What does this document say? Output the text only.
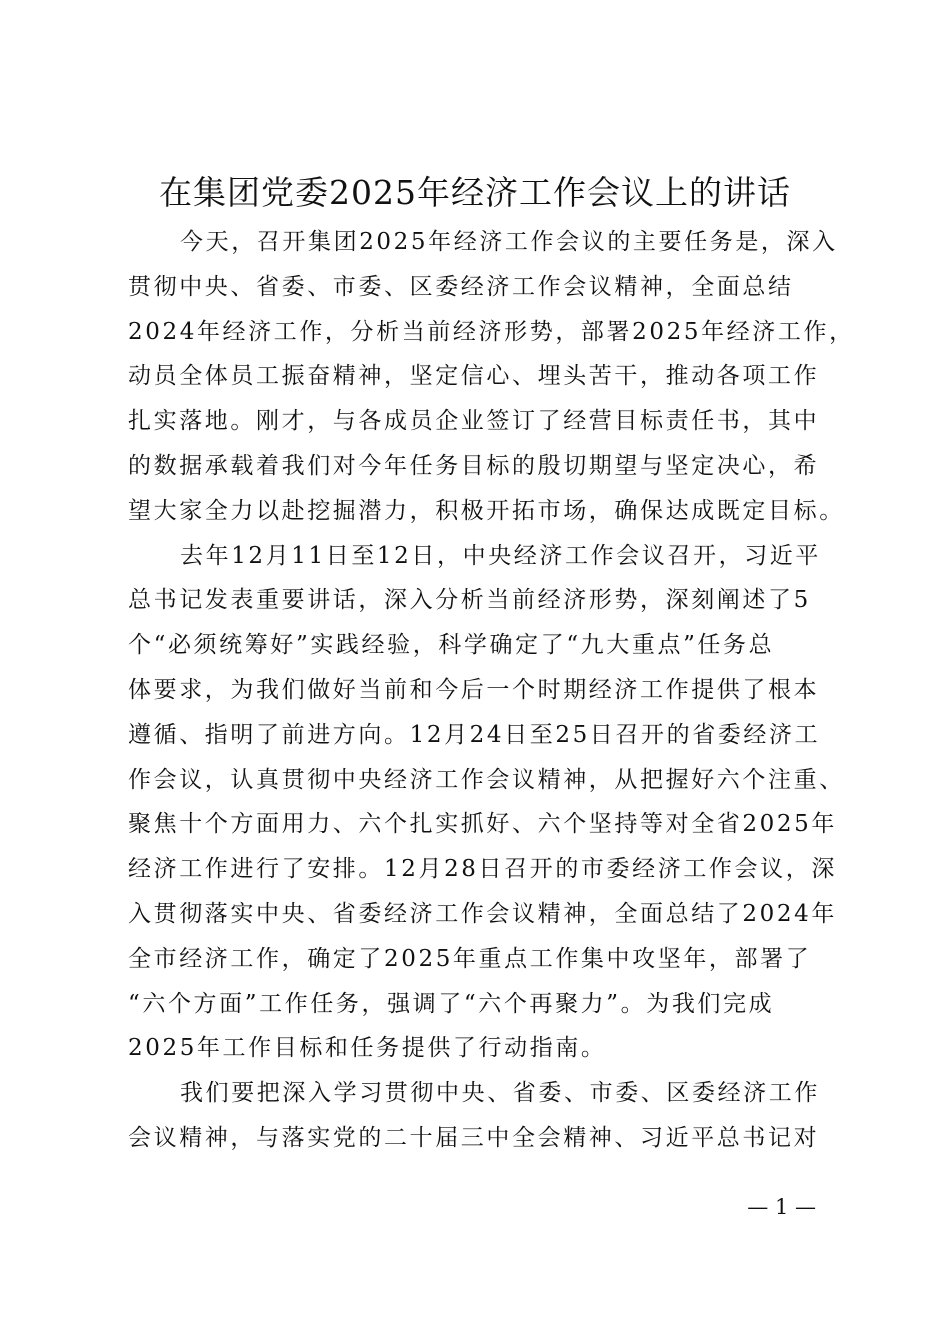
在集团党委2025年经济工作会议上的讲话
今天，召开集团2025年经济工作会议的主要任务是，深入
贯彻中央、省委、市委、区委经济工作会议精神，全面总结
2024年经济工作，分析当前经济形势，部署2025年经济工作，
动员全体员工振奋精神，坚定信心、埋头苦干，推动各项工作
扎实落地。刚才，与各成员企业签订了经营目标责任书，其中
的数据承载着我们对今年任务目标的殷切期望与坚定决心，希
望大家全力以赴挖掘潜力，积极开拓市场，确保达成既定目标。
去年12月11日至12日，中央经济工作会议召开，习近平
总书记发表重要讲话，深入分析当前经济形势，深刻阐述了5
个“必须统筹好”实践经验，科学确定了“九大重点”任务总
体要求，为我们做好当前和今后一个时期经济工作提供了根本
遵循、指明了前进方向。12月24日至25日召开的省委经济工
作会议，认真贯彻中央经济工作会议精神，从把握好六个注重、
聚焦十个方面用力、六个扎实抓好、六个坚持等对全省2025年
经济工作进行了安排。12月28日召开的市委经济工作会议，深
入贯彻落实中央、省委经济工作会议精神，全面总结了2024年
全市经济工作，确定了2025年重点工作集中攻坚年，部署了
“六个方面”工作任务，强调了“六个再聚力”。为我们完成
2025年工作目标和任务提供了行动指南。
我们要把深入学习贯彻中央、省委、市委、区委经济工作
会议精神，与落实党的二十届三中全会精神、习近平总书记对
— 1 —
